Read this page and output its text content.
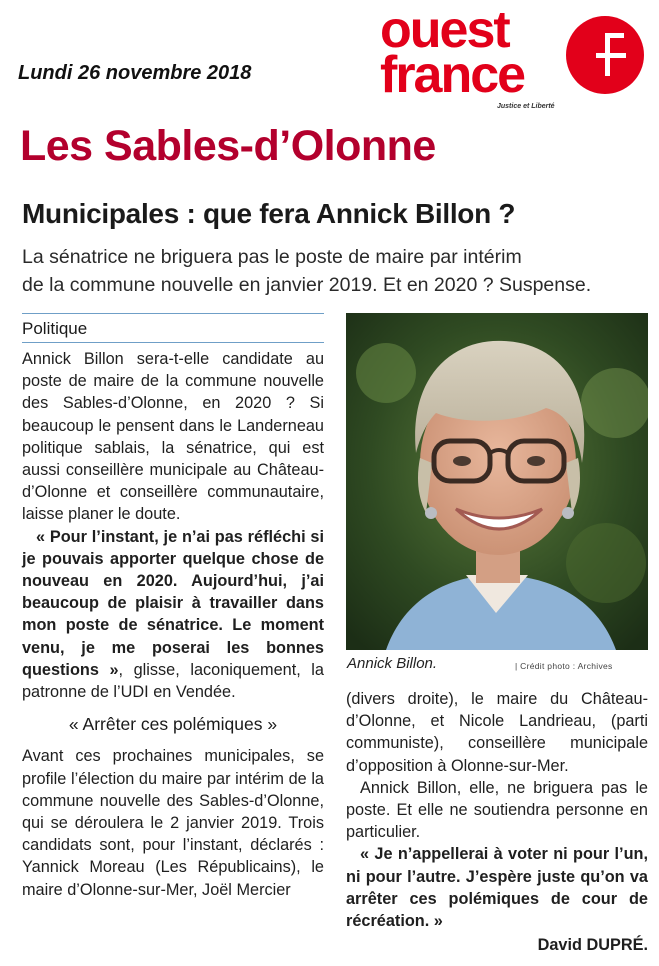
Lundi 26 novembre 2018
ouest
france
Justice et Liberté
Les Sables-d’Olonne
Municipales : que fera Annick Billon ?
La sénatrice ne briguera pas le poste de maire par intérim
de la commune nouvelle en janvier 2019. Et en 2020 ? Suspense.
Politique

Annick Billon sera-t-elle candidate au poste de maire de la commune nouvelle des Sables-d’Olonne, en 2020 ? Si beaucoup le pensent dans le Landerneau politique sablais, la sénatrice, qui est aussi conseillère municipale au Château-d’Olonne et conseillère communautaire, laisse planer le doute.

« Pour l’instant, je n’ai pas réfléchi si je pouvais apporter quelque chose de nouveau en 2020. Aujourd’hui, j’ai beaucoup de plaisir à travailler dans mon poste de sénatrice. Le moment venu, je me poserai les bonnes questions », glisse, laconiquement, la patronne de l’UDI en Vendée.

« Arrêter ces polémiques »

Avant ces prochaines municipales, se profile l’élection du maire par intérim de la commune nouvelle des Sables-d’Olonne, qui se déroulera le 2 janvier 2019. Trois candidats sont, pour l’instant, déclarés : Yannick Moreau (Les Républicains), le maire d’Olonne-sur-Mer, Joël Mercier

Annick Billon.	| Crédit photo : Archives

(divers droite), le maire du Château-d’Olonne, et Nicole Landrieau, (parti communiste), conseillère municipale d’opposition à Olonne-sur-Mer.

Annick Billon, elle, ne briguera pas le poste. Et elle ne soutiendra personne en particulier.

« Je n’appellerai à voter ni pour l’un, ni pour l’autre. J’espère juste qu’on va arrêter ces polémiques de cour de récréation. »

David DUPRÉ.
